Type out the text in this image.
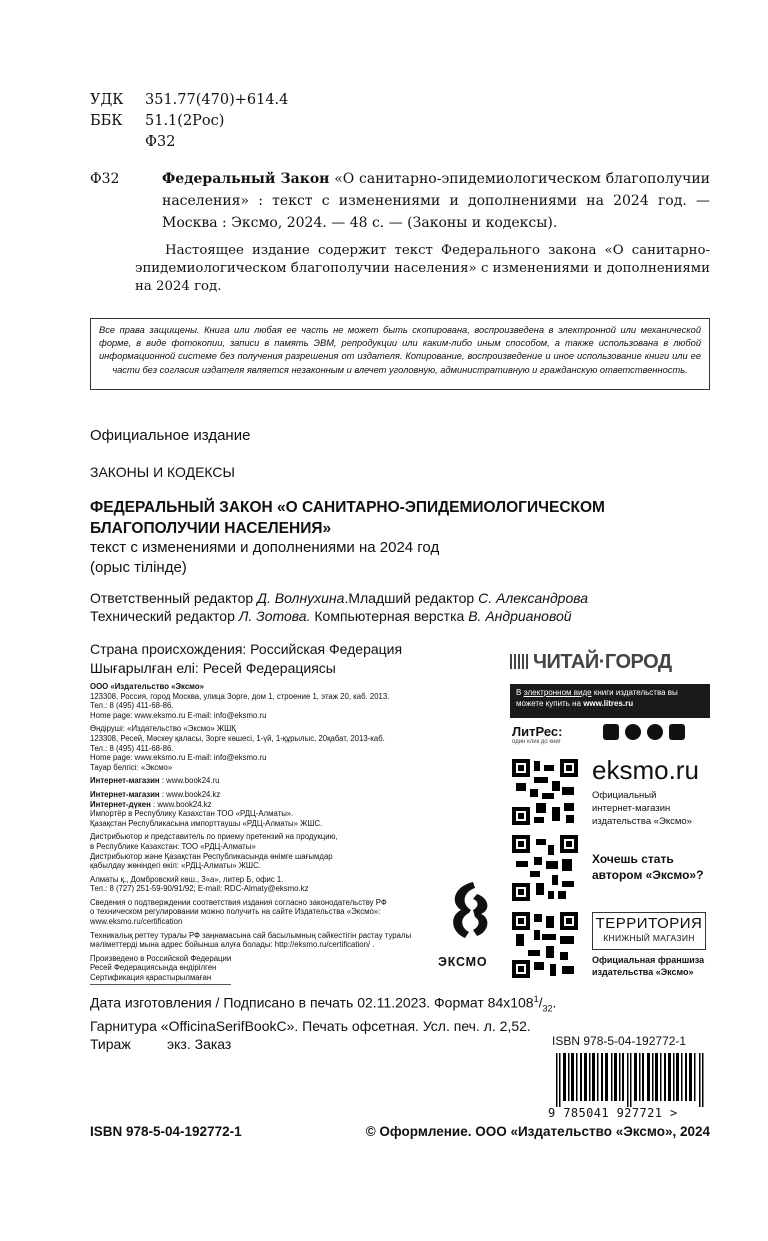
УДК	351.77(470)+614.4
ББК	51.1(2Рос)
Ф32
Ф32	Федеральный Закон «О санитарно-эпидемиологическом благополучии населения» : текст с изменениями и дополнениями на 2024 год. — Москва : Эксмо, 2024. — 48 с. — (Законы и кодексы).
Настоящее издание содержит текст Федерального закона «О санитарно-эпидемиологическом благополучии населения» с изменениями и дополнениями на 2024 год.
Все права защищены. Книга или любая ее часть не может быть скопирована, воспроизведена в электронной или механической форме, в виде фотокопии, записи в память ЭВМ, репродукции или каким-либо иным способом, а также использована в любой информационной системе без получения разрешения от издателя. Копирование, воспроизведение и иное использование книги или ее части без согласия издателя является незаконным и влечет уголовную, административную и гражданскую ответственность.
Официальное издание
ЗАКОНЫ И КОДЕКСЫ
ФЕДЕРАЛЬНЫЙ ЗАКОН «О САНИТАРНО-ЭПИДЕМИОЛОГИЧЕСКОМ БЛАГОПОЛУЧИИ НАСЕЛЕНИЯ»
текст с изменениями и дополнениями на 2024 год
(орыс тілінде)
Ответственный редактор Д. Волнухина.Младший редактор С. Александрова
Технический редактор Л. Зотова. Компьютерная верстка В. Андриановой
Страна происхождения: Российская Федерация
Шығарылған елі: Ресей Федерациясы

ООО «Издательство «Эксмо»
123308, Россия, город Москва, улица Зорге, дом 1, строение 1, этаж 20, каб. 2013.
Тел.: 8 (495) 411-68-86.
Home page: www.eksmo.ru E-mail: info@eksmo.ru

Өндіруші: «Издательство «Эксмо» ЖШҚ
123308, Ресей, Мәскеу қаласы, Зорге көшесі, 1-үй, 1-құрылыс, 20қабат, 2013-каб.
Тел.: 8 (495) 411-68-86.
Home page: www.eksmo.ru E-mail: info@eksmo.ru
Тауар белгісі: «Эксмо»

Интернет-магазин : www.book24.ru

Интернет-магазин : www.book24.kz
Интернет-дүкен : www.book24.kz
Импортёр в Республику Казахстан ТОО «РДЦ-Алматы».
Қазақстан Республикасына импорттаушы «РДЦ-Алматы» ЖШС.

Дистрибьютор и представитель по приему претензий на продукцию,
в Республике Казахстан: ТОО «РДЦ-Алматы»
Дистрибьютор және Қазақстан Республикасында өнімге шағымдар
қабылдау жөніндегі өкіл: «РДЦ-Алматы» ЖШС.

Алматы қ., Домбровский көш., 3«а», литер Б, офис 1.
Тел.: 8 (727) 251-59-90/91/92; E-mail: RDC-Almaty@eksmo.kz

Сведения о подтверждении соответствия издания согласно законодательству РФ
о техническом регулировании можно получить на сайте Издательства «Эксмо»:
www.eksmo.ru/certification

Техникалық реттеу туралы РФ заңнамасына сай басылымның сәйкестігін растау туралы
мәліметтерді мына адрес бойынша алуға болады: http://eksmo.ru/certification/ .

Произведено в Российской Федерации
Ресей Федерациясында өндірілген
Сертификация қарастырылмаған

ЧИТАЙ·ГОРОД
В электронном виде книги издательства вы можете купить на www.litres.ru
ЛитРес:
один клик до книг
eksmo.ru
Официальный
интернет-магазин
издательства «Эксмо»
Хочешь стать
автором «Эксмо»?
ТЕРРИТОРИЯ
КНИЖНЫЙ МАГАЗИН
Официальная франшиза
издательства «Эксмо»
ЭКСМО
Дата изготовления / Подписано в печать 02.11.2023. Формат $84x108^1/_{32}$.
Гарнитура «OfficinaSerifBookC». Печать офсетная. Усл. печ. л. 2,52.
Тираж	экз. Заказ	ISBN 978-5-04-192772-1
9 785041 927721 >
ISBN 978-5-04-192772-1	© Оформление. ООО «Издательство «Эксмо», 2024
